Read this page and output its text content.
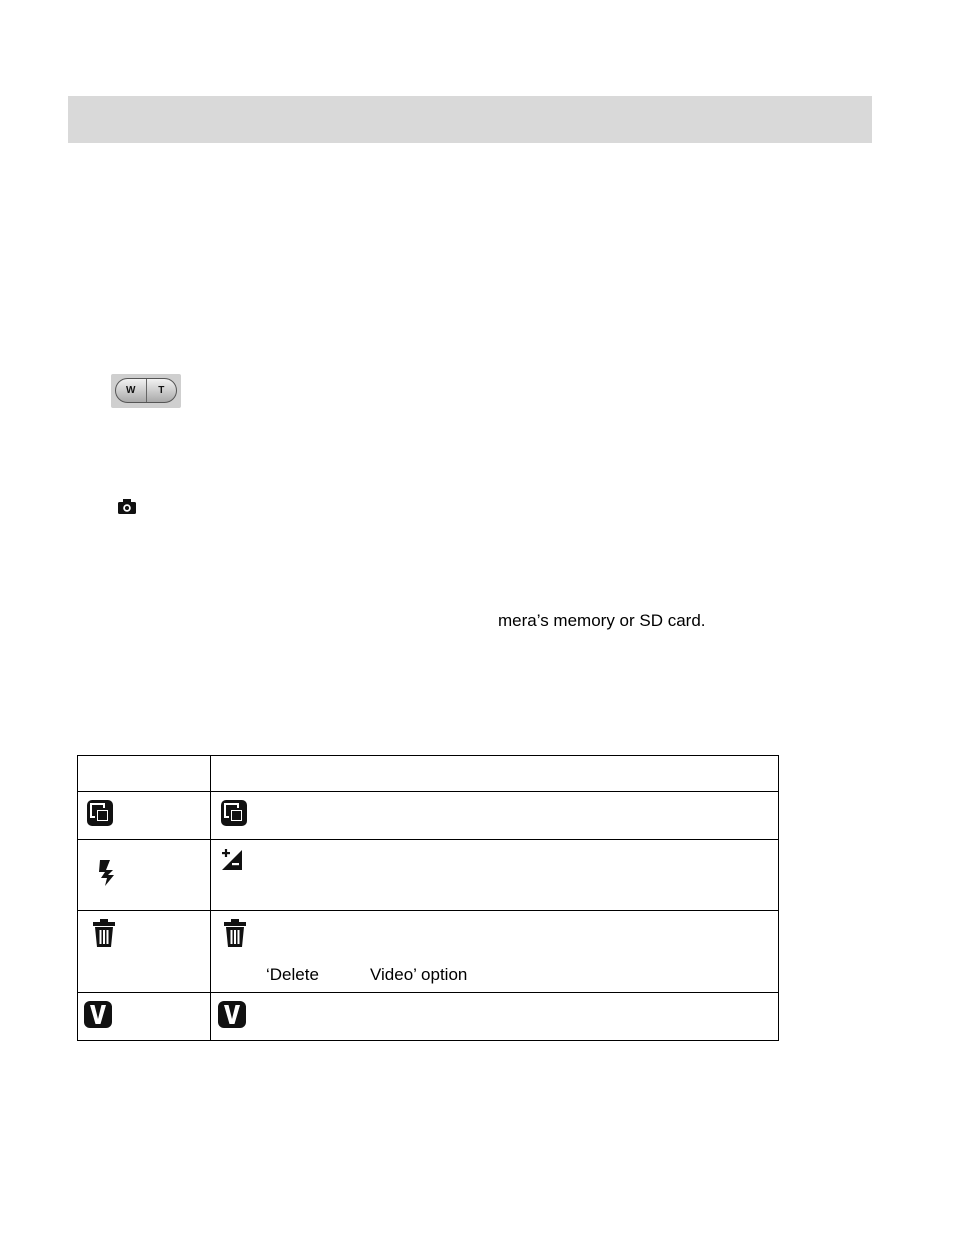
W	T
mera’s memory or SD card.
‘Delete	Video’ option
